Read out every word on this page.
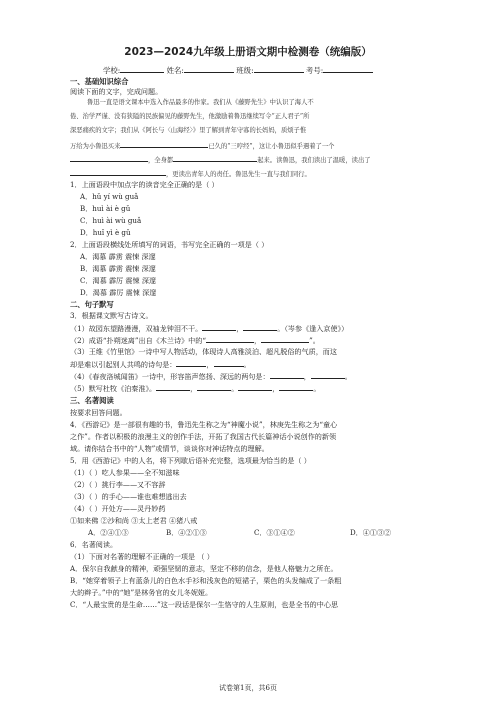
2023—2024九年级上册语文期中检测卷（统编版）
学校:	姓名:	班级:	考号:
一、基础知识综合
阅读下面的文字，完成问题。
鲁迅一直是语文课本中选入作品最多的作家。我们从《藤野先生》中认识了海人不
倦、治学严谨、没有狭隘的民族偏见的藤野先生，他激励着鲁迅继续写令“正人君子”所
深恶痛疾的文字；我们从《阿长与〈山海经〉》里了解到青年守寡的长妈妈，质烦子惟
万给为小鲁迅买来	已久的“三哼经”，这让小鲁迅似乎遇着了一个
，全身都	起来。读鲁迅，我们读出了温暖，读出了
，更读出青年人的责任。鲁迅先生一直与我们同行。
1．上面语段中加点字的读音完全正确的是（ ）
A．hǔ yí wù guǎ
B．huì ài è gǔ
C．huì ài wù guǎ
D．huǐ yì è gǔ
2．上面语段横线处所填写的词语，书写完全正确的一项是（ ）
A．渴慕 霹雳 震悚 深邃
B．渴慕 霹雳 震悚 深邃
C．渴慕 霹厉 震悚 深邃
D．渴慕 霹厉 震悚 深邃
二、句子默写
3．根据课文默写古诗文。
（1）故园东望路漫漫，双袖龙钟泪不干。	，	。（岑参《逢入京使》）
（2）成语“扑朔迷离”出自《木兰诗》中的“	，	”。
（3）王维《竹里馆》一诗中写人物活动，体现诗人高雅淡泊、超凡脱俗的气质，而这
却是难以引起别人共鸣的诗句是：	，	。
（4）《春夜洛城闻笛》一诗中，形容笛声悠扬、深远的两句是：	，	。
（5）默写杜牧《泊秦淮》。	，	。	，	。
三、名著阅读
按要求回答问题。
4．《西游记》是一部很有趣的书，鲁迅先生称之为“神魔小说”，林庚先生称之为“童心
之作”。作者以积极的浪漫主义的创作手法，开拓了我国古代长篇神话小说创作的新领
域。请你结合书中的“人物”或情节，谈谈你对神话特点的理解。
5．用《西游记》中的人名，将下列歇后语补充完整，选项最为恰当的是（ ）
（1）（ ）吃人参果——全不知滋味
（2）（ ）挑行李——又不容辞
（3）（ ）的手心——谁也难想逃出去
（4）（ ）开处方——灵丹妙药
①如来佛 ②沙和尚 ③太上老君 ④猪八戒
A．②④①③	B．④②①③	C．③①④②	D．④①③②
6．名著阅读。
（1）下面对名著的理解不正确的一项是 （ ）
A．保尔自我献身的精神，顽强坚韧的意志，坚定不移的信念，是他人格魅力之所在。
B．“她穿着领子上有蓝条儿的白色水手衫和浅灰色的短裙子，栗色的头发编成了一条粗
大的辫子。”中的“她”是林务官的女儿冬妮娅。
C．“人最宝贵的是生命……”这一段话是保尔一生恪守的人生原则，也是全书的中心思
试卷第1页，共6页
